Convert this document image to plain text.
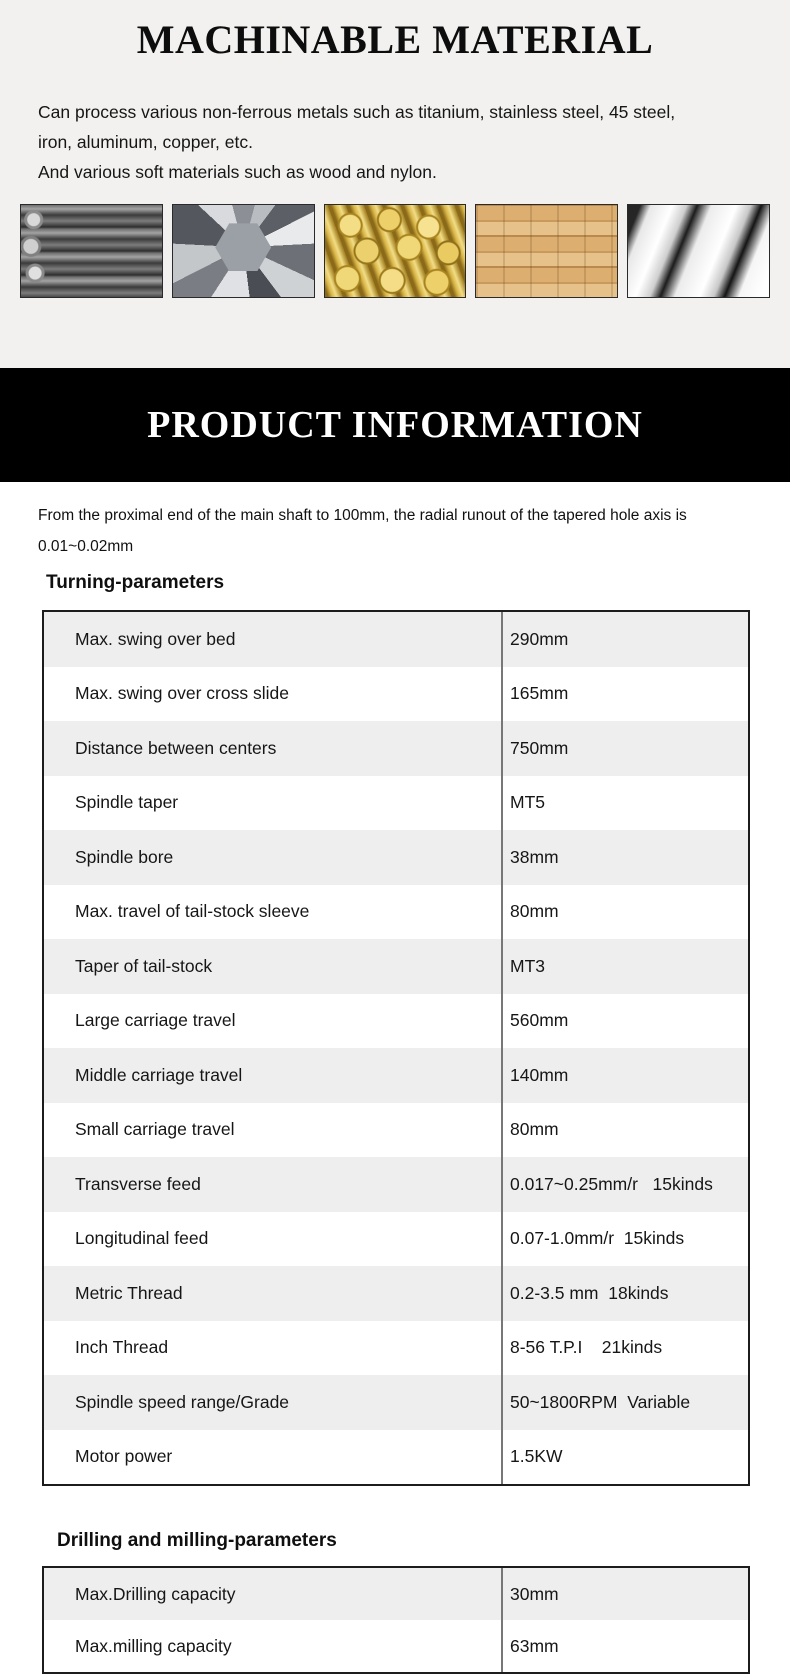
MACHINABLE MATERIAL
Can process various non-ferrous metals such as titanium, stainless steel, 45 steel,
iron, aluminum, copper, etc.
And various soft materials such as wood and nylon.
PRODUCT INFORMATION
From the proximal end of the main shaft to 100mm, the radial runout of the tapered hole axis is
0.01~0.02mm
Turning-parameters
Max. swing over bed	290mm
Max. swing over cross slide	165mm
Distance between centers	750mm
Spindle taper	MT5
Spindle bore	38mm
Max. travel of tail-stock sleeve	80mm
Taper of tail-stock	MT3
Large carriage travel	560mm
Middle carriage travel	140mm
Small carriage travel	80mm
Transverse feed	0.017~0.25mm/r   15kinds
Longitudinal feed	0.07-1.0mm/r  15kinds
Metric Thread	0.2-3.5 mm  18kinds
Inch Thread	8-56 T.P.I    21kinds
Spindle speed range/Grade	50~1800RPM  Variable
Motor power	1.5KW
Drilling and milling-parameters
Max.Drilling capacity	30mm
Max.milling capacity	63mm
